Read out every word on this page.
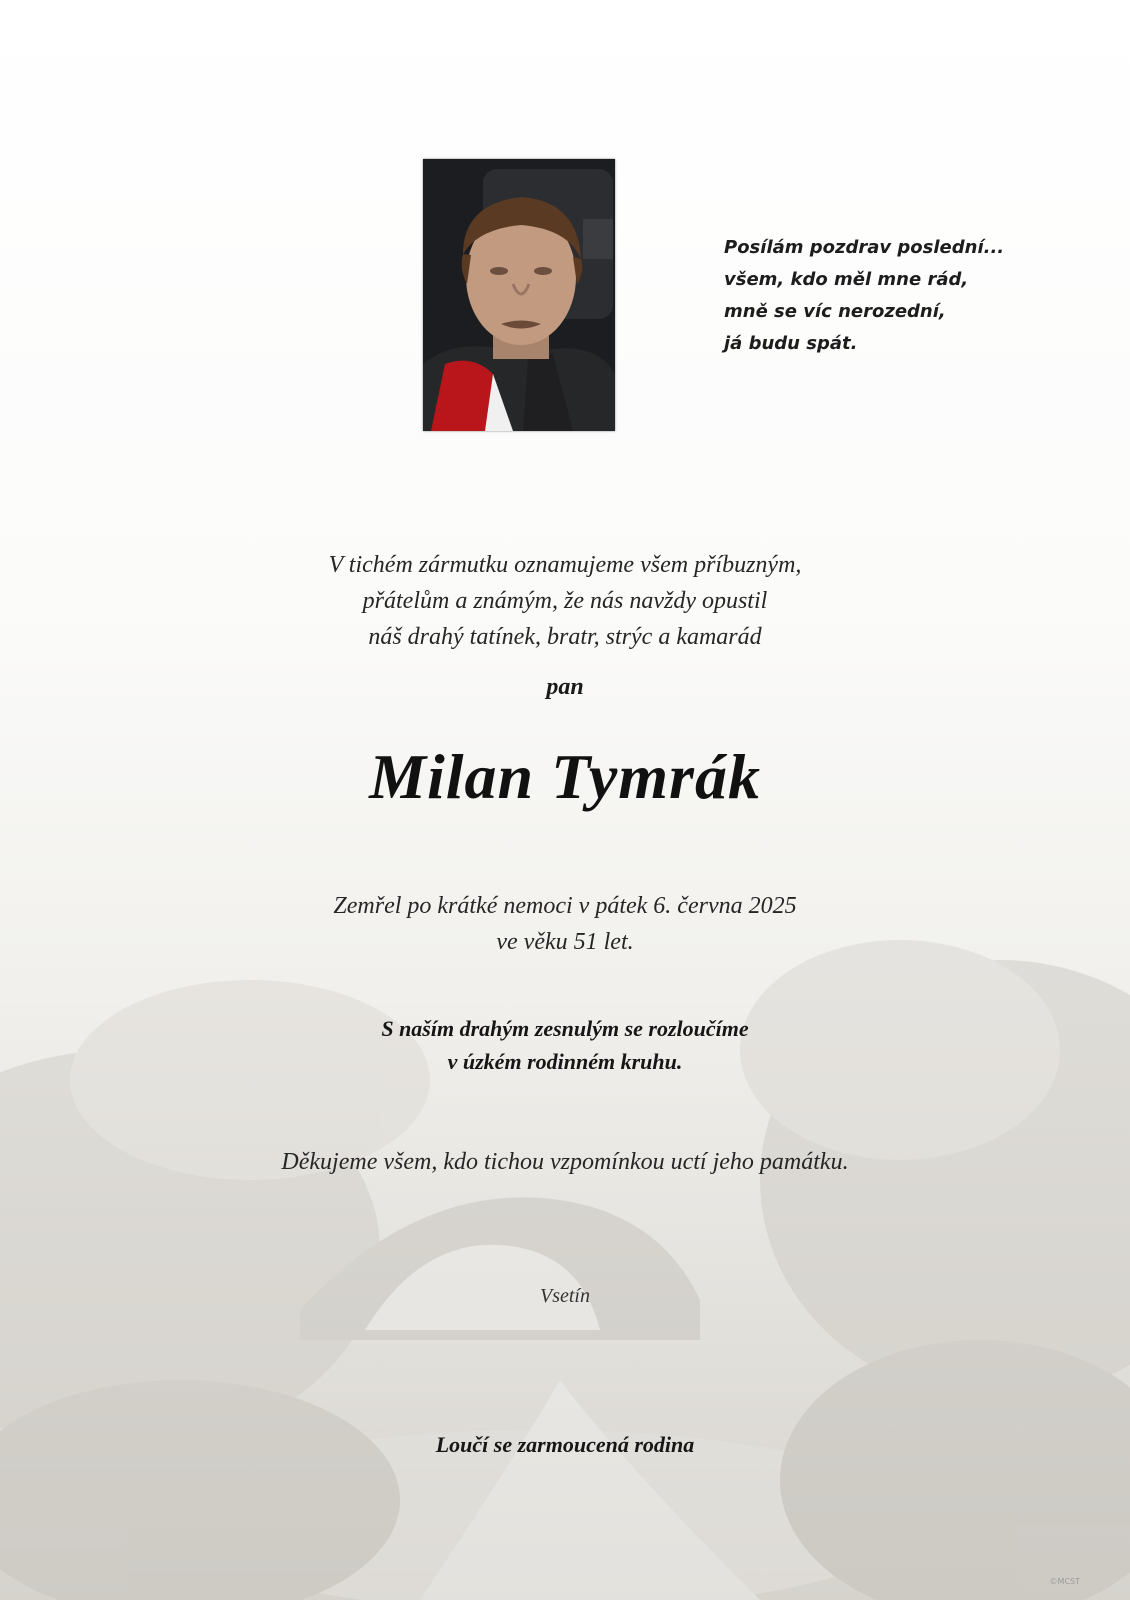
Posílám pozdrav poslední...
všem, kdo měl mne rád,
mně se víc nerozední,
já budu spát.
V tichém zármutku oznamujeme všem příbuzným,
přátelům a známým, že nás navždy opustil
náš drahý tatínek, bratr, strýc a kamarád
pan
Milan Tymrák
Zemřel po krátké nemoci v pátek 6. června 2025
ve věku 51 let.
S naším drahým zesnulým se rozloučíme
v úzkém rodinném kruhu.
Děkujeme všem, kdo tichou vzpomínkou uctí jeho památku.
Vsetín
Loučí se zarmoucená rodina
©MCST
